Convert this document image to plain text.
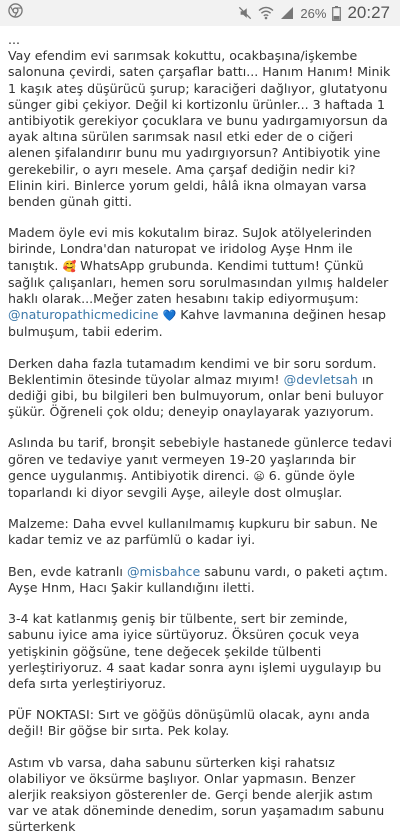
26% 20:27

...
Vay efendim evi sarımsak kokuttu, ocakbaşına/işkembe salonuna çevirdi, saten çarşaflar battı... Hanım Hanım! Minik 1 kaşık ateş düşürücü şurup; karaciğeri dağlıyor, glutatyonu sünger gibi çekiyor. Değil ki kortizonlu ürünler... 3 haftada 1 antibiyotik gerekiyor çocuklara ve bunu yadırgamıyorsun da ayak altına sürülen sarımsak nasıl etki eder de o ciğeri alenen şifalandırır bunu mu yadırgıyorsun? Antibiyotik yine gerekebilir, o ayrı mesele. Ama çarşaf dediğin nedir ki? Elinin kiri. Binlerce yorum geldi, hâlâ ikna olmayan varsa benden günah gitti.

Madem öyle evi mis kokutalım biraz. SuJok atölyelerinden birinde, Londra'dan naturopat ve iridolog Ayşe Hnm ile tanıştık. 🥰 WhatsApp grubunda. Kendimi tuttum! Çünkü sağlık çalışanları, hemen soru sorulmasından yılmış haldeler haklı olarak...Meğer zaten hesabını takip ediyormuşum: @naturopathicmedicine 💙 Kahve lavmanına değinen hesap bulmuşum, tabii ederim.

Derken daha fazla tutamadım kendimi ve bir soru sordum. Beklentimin ötesinde tüyolar almaz mıyım! @devletsah ın dediği gibi, bu bilgileri ben bulmuyorum, onlar beni buluyor şükür. Öğreneli çok oldu; deneyip onaylayarak yazıyorum.

Aslında bu tarif, bronşit sebebiyle hastanede günlerce tedavi gören ve tedaviye yanıt vermeyen 19-20 yaşlarında bir gence uygulanmış. Antibiyotik direnci. 😦 6. günde öyle toparlandı ki diyor sevgili Ayşe, aileyle dost olmuşlar.

Malzeme: Daha evvel kullanılmamış kupkuru bir sabun. Ne kadar temiz ve az parfümlü o kadar iyi.

Ben, evde katranlı @misbahce sabunu vardı, o paketi açtım. Ayşe Hnm, Hacı Şakir kullandığını iletti.

3-4 kat katlanmış geniş bir tülbente, sert bir zeminde, sabunu iyice ama iyice sürtüyoruz. Öksüren çocuk veya yetişkinin göğsüne, tene değecek şekilde tülbenti yerleştiriyoruz. 4 saat kadar sonra aynı işlemi uygulayıp bu defa sırta yerleştiriyoruz.

PÜF NOKTASI: Sırt ve göğüs dönüşümlü olacak, aynı anda değil! Bir göğse bir sırta. Pek kolay.

Astım vb varsa, daha sabunu sürterken kişi rahatsız olabiliyor ve öksürme başlıyor. Onlar yapmasın. Benzer alerjik reaksiyon gösterenler de. Gerçi bende alerjik astım var ve atak döneminde denedim, sorun yaşamadım sabunu sürterkenk
